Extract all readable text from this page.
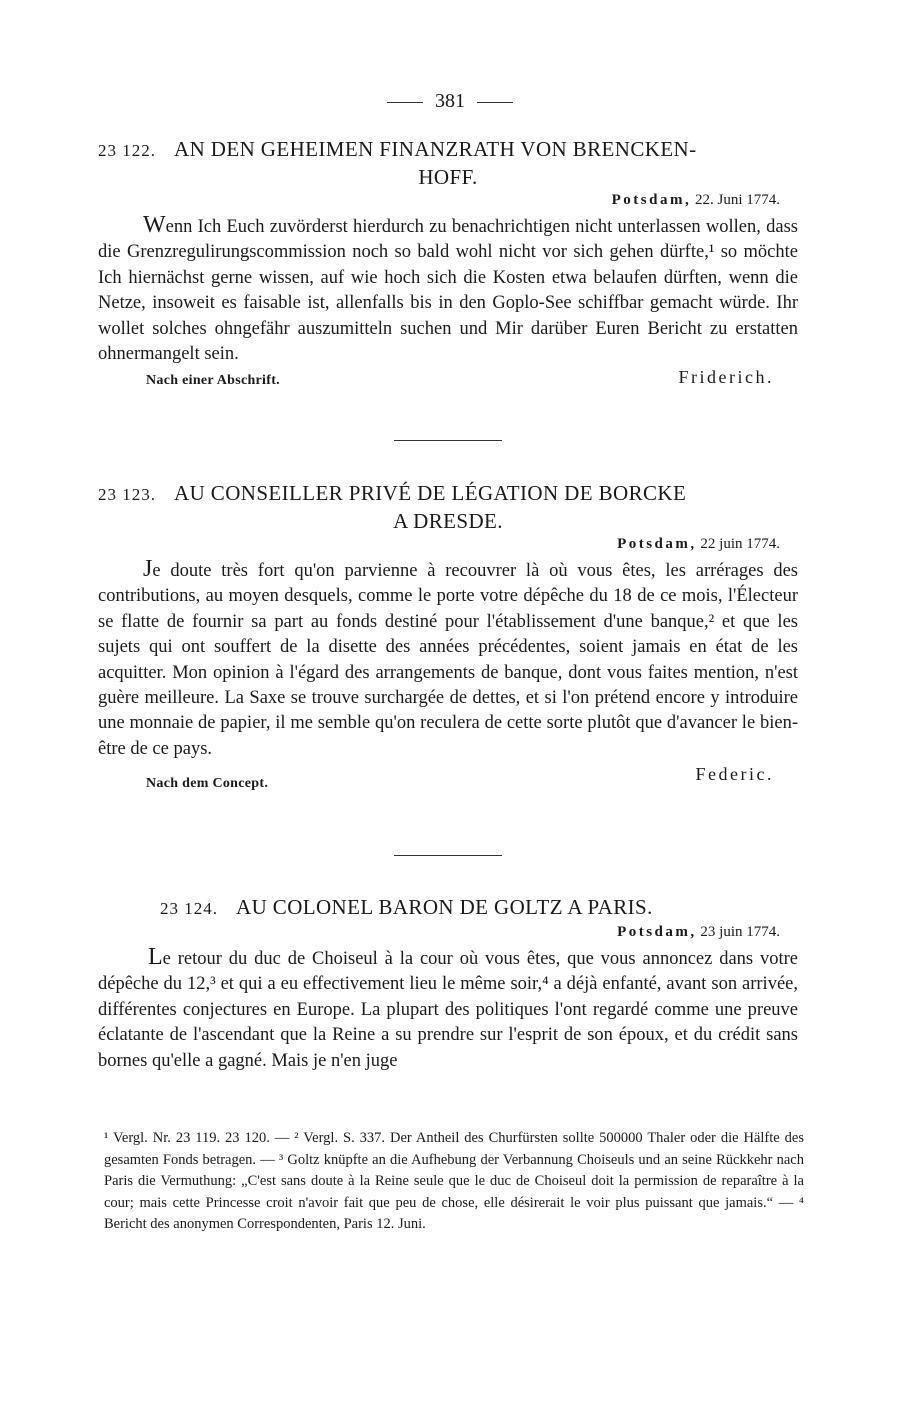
381
23 122. AN DEN GEHEIMEN FINANZRATH VON BRENCKEN-
HOFF.
Potsdam, 22. Juni 1774.
Wenn Ich Euch zuvörderst hierdurch zu benachrichtigen nicht unterlassen wollen, dass die Grenzregulirungscommission noch so bald wohl nicht vor sich gehen dürfte,¹ so möchte Ich hiernächst gerne wissen, auf wie hoch sich die Kosten etwa belaufen dürften, wenn die Netze, insoweit es faisable ist, allenfalls bis in den Goplo-See schiffbar gemacht würde. Ihr wollet solches ohngefähr auszumitteln suchen und Mir darüber Euren Bericht zu erstatten ohnermangelt sein.
Nach einer Abschrift.	Friderich.
23 123. AU CONSEILLER PRIVÉ DE LÉGATION DE BORCKE
A DRESDE.
Potsdam, 22 juin 1774.
Je doute très fort qu'on parvienne à recouvrer là où vous êtes, les arrérages des contributions, au moyen desquels, comme le porte votre dépêche du 18 de ce mois, l'Électeur se flatte de fournir sa part au fonds destiné pour l'établissement d'une banque,² et que les sujets qui ont souffert de la disette des années précédentes, soient jamais en état de les acquitter. Mon opinion à l'égard des arrangements de banque, dont vous faites mention, n'est guère meilleure. La Saxe se trouve surchargée de dettes, et si l'on prétend encore y introduire une monnaie de papier, il me semble qu'on reculera de cette sorte plutôt que d'avancer le bien-être de ce pays.
Nach dem Concept.	Federic.
23 124. AU COLONEL BARON DE GOLTZ A PARIS.
Potsdam, 23 juin 1774.
Le retour du duc de Choiseul à la cour où vous êtes, que vous annoncez dans votre dépêche du 12,³ et qui a eu effectivement lieu le même soir,⁴ a déjà enfanté, avant son arrivée, différentes conjectures en Europe. La plupart des politiques l'ont regardé comme une preuve éclatante de l'ascendant que la Reine a su prendre sur l'esprit de son époux, et du crédit sans bornes qu'elle a gagné. Mais je n'en juge
¹ Vergl. Nr. 23 119. 23 120. — ² Vergl. S. 337. Der Antheil des Churfürsten sollte 500000 Thaler oder die Hälfte des gesamten Fonds betragen. — ³ Goltz knüpfte an die Aufhebung der Verbannung Choiseuls und an seine Rückkehr nach Paris die Vermuthung: „C'est sans doute à la Reine seule que le duc de Choiseul doit la permission de reparaître à la cour; mais cette Princesse croit n'avoir fait que peu de chose, elle désirerait le voir plus puissant que jamais.“ — ⁴ Bericht des anonymen Correspondenten, Paris 12. Juni.
